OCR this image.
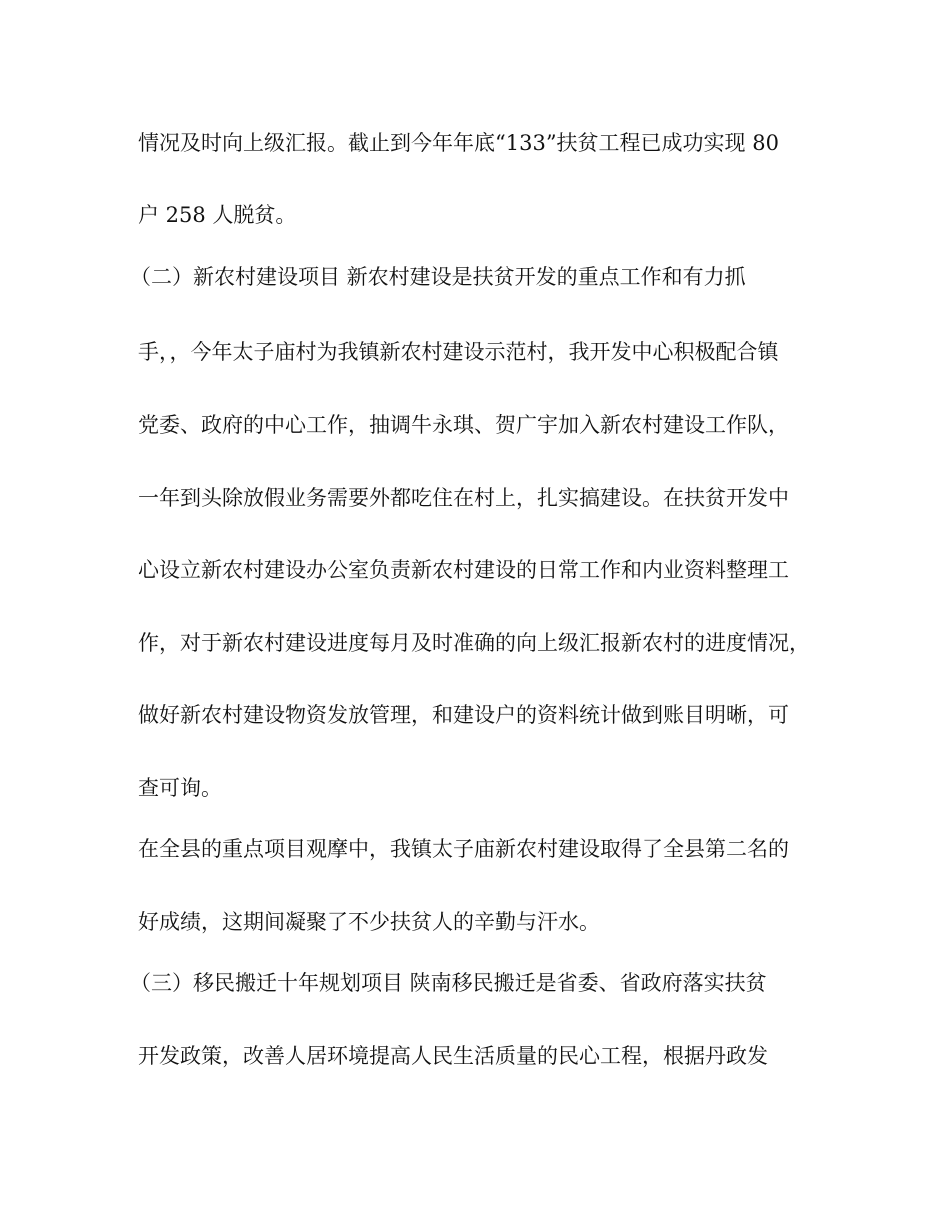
情况及时向上级汇报。截止到今年年底“133”扶贫工程已成功实现 80

户 258 人脱贫。

（二）新农村建设项目 新农村建设是扶贫开发的重点工作和有力抓

手，，今年太子庙村为我镇新农村建设示范村，我开发中心积极配合镇

党委、政府的中心工作，抽调牛永琪、贺广宇加入新农村建设工作队，

一年到头除放假业务需要外都吃住在村上，扎实搞建设。在扶贫开发中

心设立新农村建设办公室负责新农村建设的日常工作和内业资料整理工

作，对于新农村建设进度每月及时准确的向上级汇报新农村的进度情况，

做好新农村建设物资发放管理，和建设户的资料统计做到账目明晰，可

查可询。

在全县的重点项目观摩中，我镇太子庙新农村建设取得了全县第二名的

好成绩，这期间凝聚了不少扶贫人的辛勤与汗水。

（三）移民搬迁十年规划项目 陕南移民搬迁是省委、省政府落实扶贫

开发政策，改善人居环境提高人民生活质量的民心工程，根据丹政发
